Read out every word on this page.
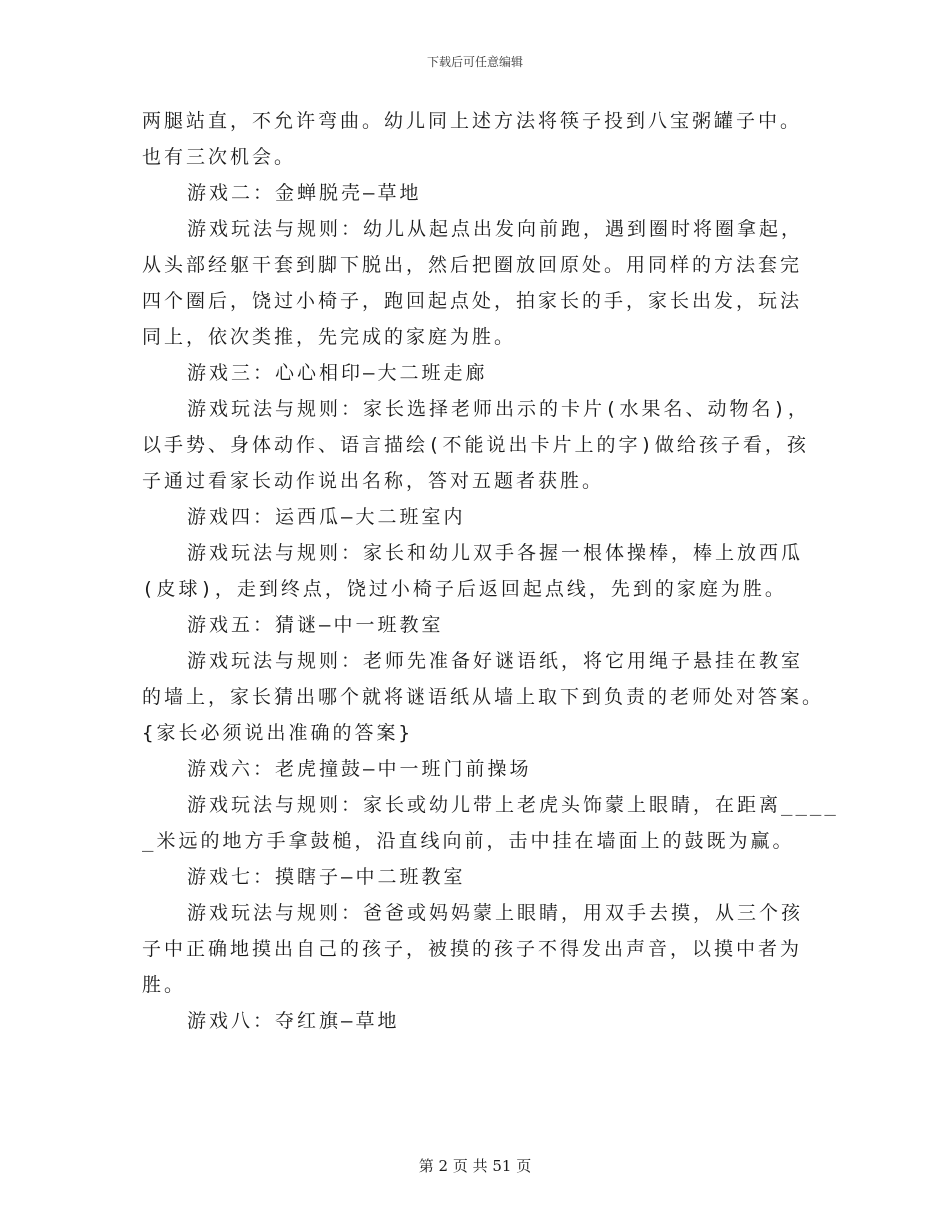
下载后可任意编辑
两腿站直，不允许弯曲。幼儿同上述方法将筷子投到八宝粥罐子中。
也有三次机会。
游戏二：金蝉脱壳—草地
游戏玩法与规则：幼儿从起点出发向前跑，遇到圈时将圈拿起，
从头部经躯干套到脚下脱出，然后把圈放回原处。用同样的方法套完
四个圈后，饶过小椅子，跑回起点处，拍家长的手，家长出发，玩法
同上，依次类推，先完成的家庭为胜。
游戏三：心心相印—大二班走廊
游戏玩法与规则：家长选择老师出示的卡片(水果名、动物名)，
以手势、身体动作、语言描绘(不能说出卡片上的字)做给孩子看，孩
子通过看家长动作说出名称，答对五题者获胜。
游戏四：运西瓜—大二班室内
游戏玩法与规则：家长和幼儿双手各握一根体操棒，棒上放西瓜
(皮球)，走到终点，饶过小椅子后返回起点线，先到的家庭为胜。
游戏五：猜谜—中一班教室
游戏玩法与规则：老师先准备好谜语纸，将它用绳子悬挂在教室
的墙上，家长猜出哪个就将谜语纸从墙上取下到负责的老师处对答案。
{家长必须说出准确的答案}
游戏六：老虎撞鼓—中一班门前操场
游戏玩法与规则：家长或幼儿带上老虎头饰蒙上眼睛，在距离____
_米远的地方手拿鼓槌，沿直线向前，击中挂在墙面上的鼓既为赢。
游戏七：摸瞎子—中二班教室
游戏玩法与规则：爸爸或妈妈蒙上眼睛，用双手去摸，从三个孩
子中正确地摸出自己的孩子，被摸的孩子不得发出声音，以摸中者为
胜。
游戏八：夺红旗—草地
第 2 页 共 51 页
